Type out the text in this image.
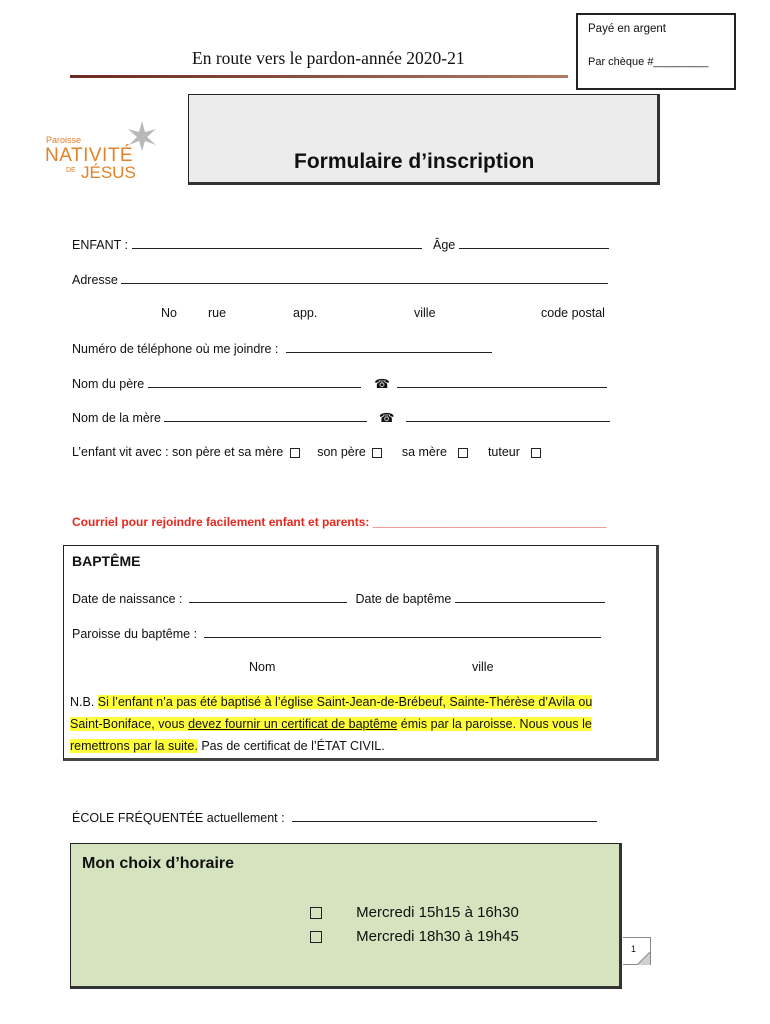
Payé en argent
Par chèque #_________
En route vers le pardon-année 2020-21
Paroisse
NATIVITÉ
DE JÉSUS	Formulaire d’inscription
ENFANT :	Âge
Adresse
No rue	app.	ville	code postal
Numéro de téléphone où me joindre :
Nom du père	☎
Nom de la mère	☎
L’enfant vit avec : son père et sa mère	son père	sa mère	tuteur
Courriel pour rejoindre facilement enfant et parents: ___________________________________
BAPTÊME
Date de naissance :	Date de baptême
Paroisse du baptême :
Nom	ville
N.B. Si l’enfant n’a pas été baptisé à l’église Saint-Jean-de-Brébeuf, Sainte-Thérèse d’Avila ou
Saint-Boniface, vous devez fournir un certificat de baptême émis par la paroisse. Nous vous le
remettrons par la suite. Pas de certificat de l’ÉTAT CIVIL.
ÉCOLE FRÉQUENTÉE actuellement :
Mon choix d’horaire
Mercredi 15h15 à 16h30
Mercredi 18h30 à 19h45
1
